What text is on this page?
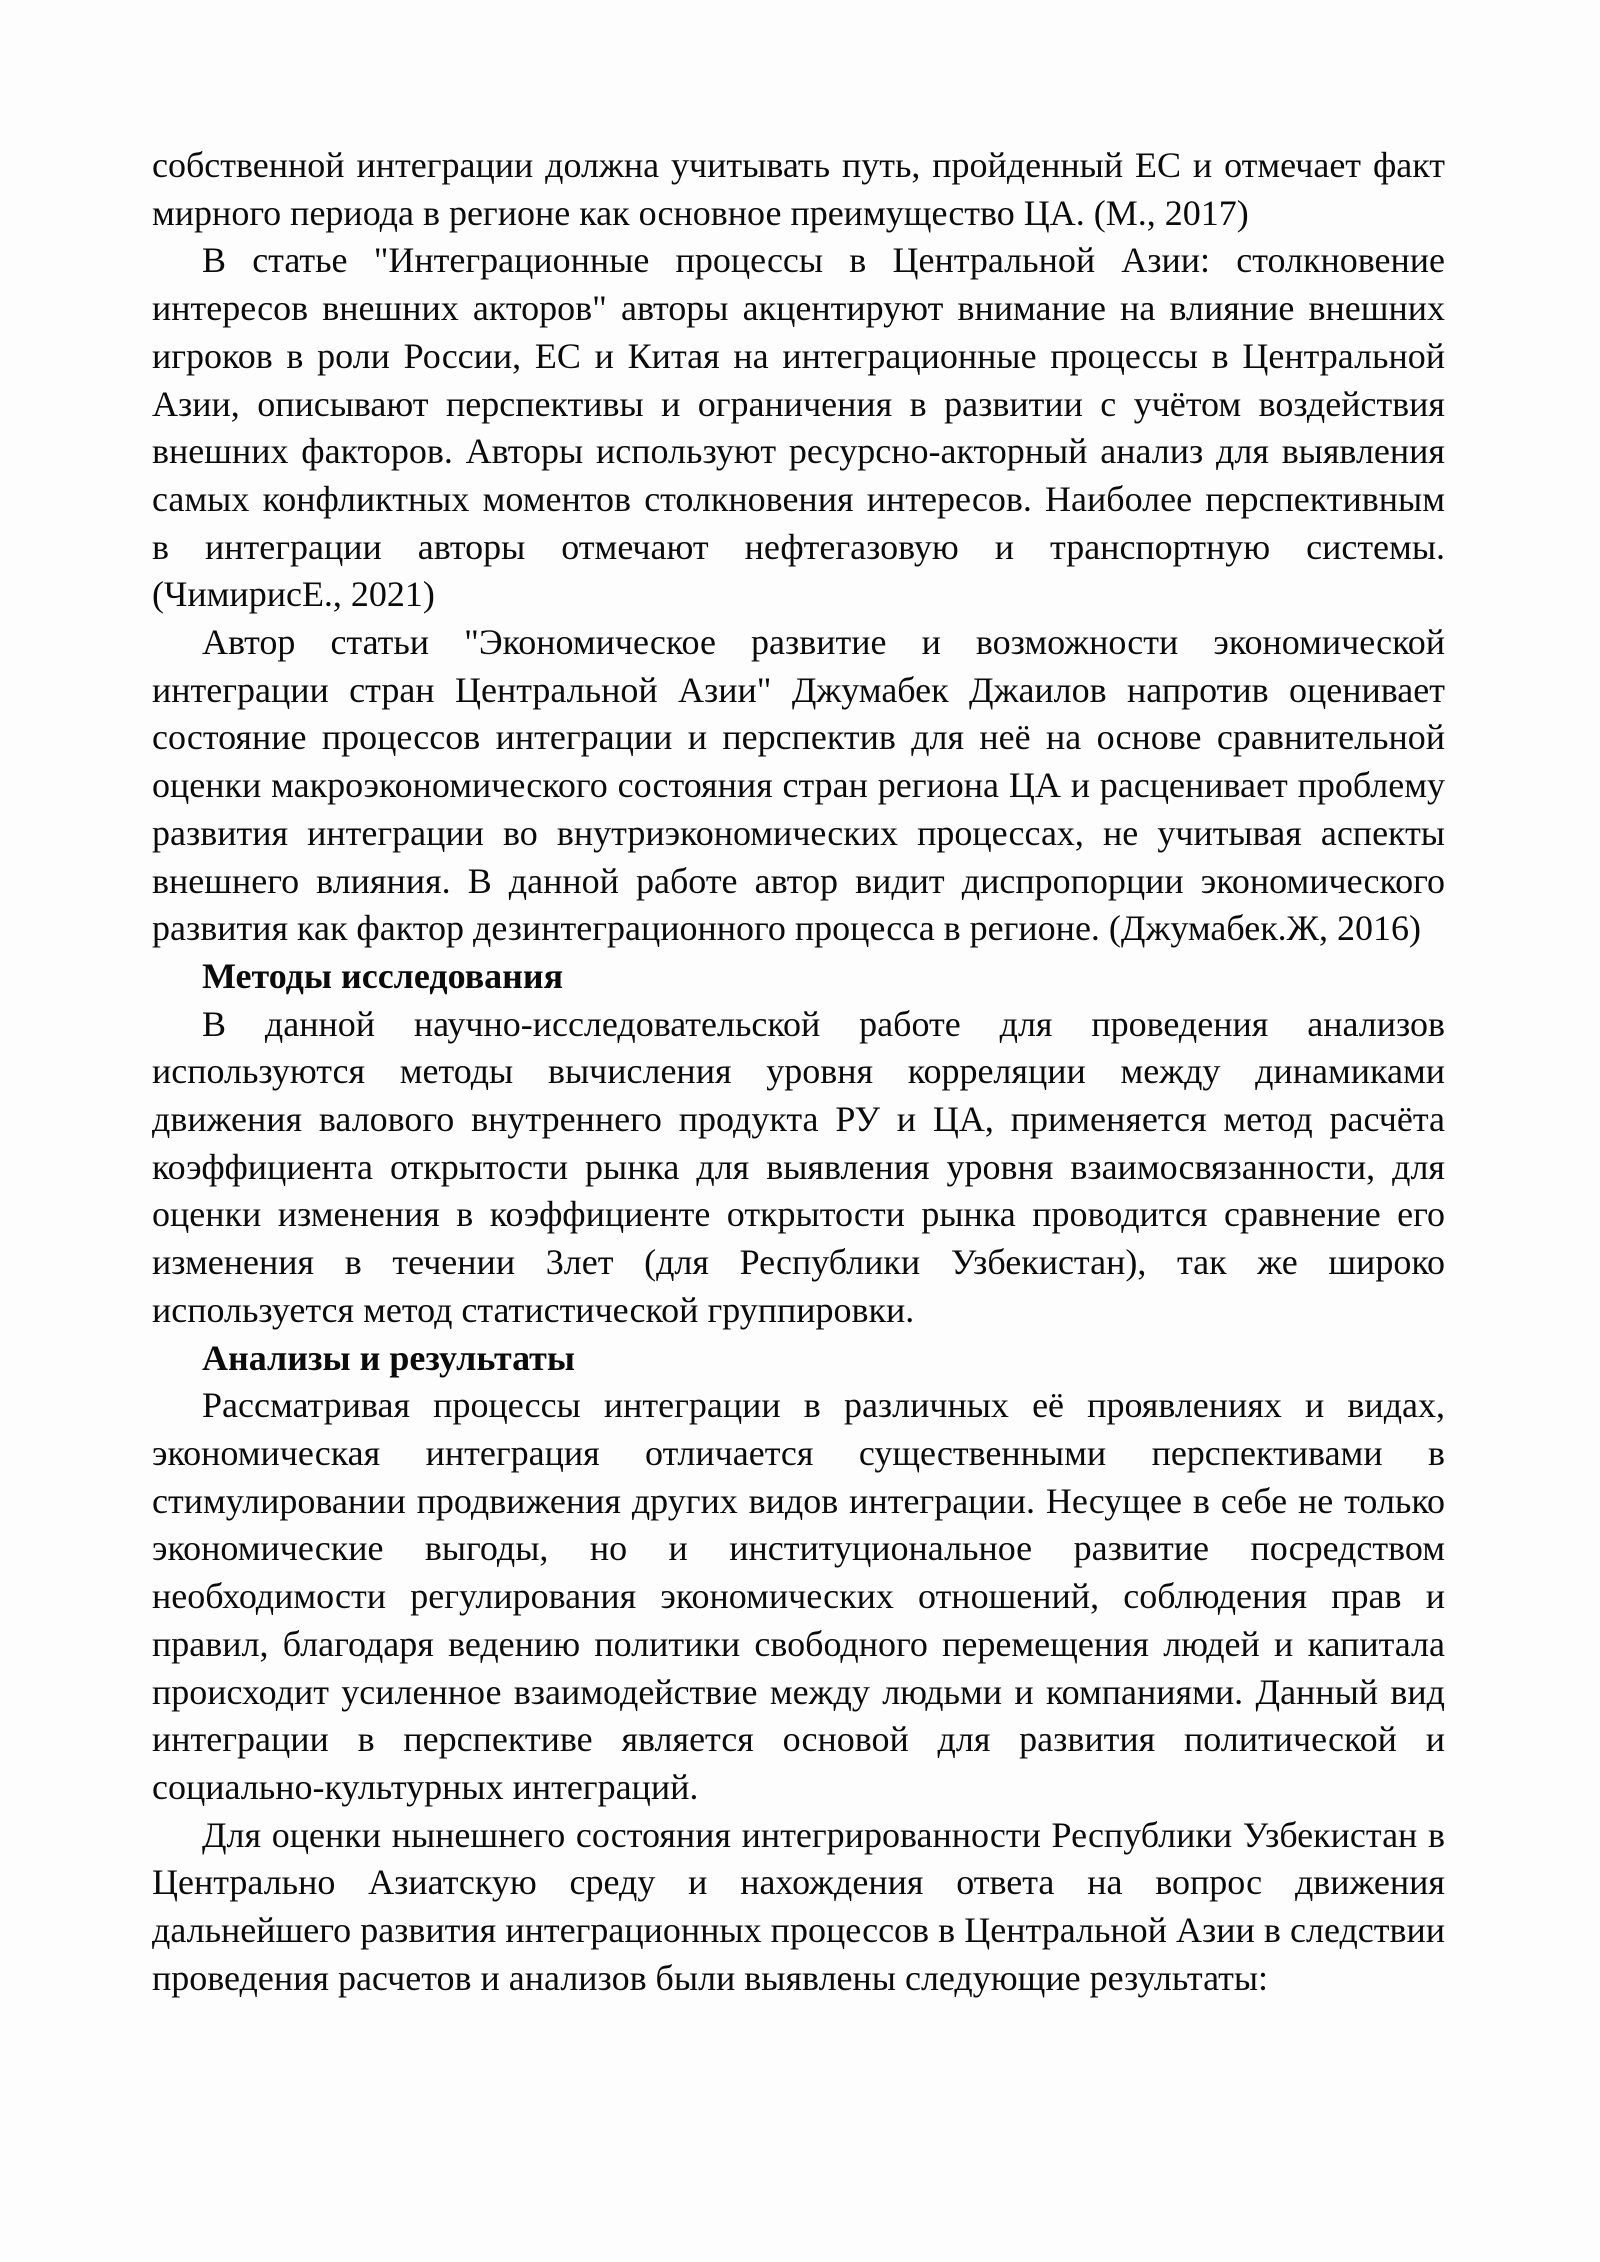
собственной интеграции должна учитывать путь, пройденный ЕС и отмечает факт мирного периода в регионе как основное преимущество ЦА. (М., 2017)

В статье "Интеграционные процессы в Центральной Азии: столкновение интересов внешних акторов" авторы акцентируют внимание на влияние внешних игроков в роли России, ЕС и Китая на интеграционные процессы в Центральной Азии, описывают перспективы и ограничения в развитии с учётом воздействия внешних факторов. Авторы используют ресурсно-акторный анализ для выявления самых конфликтных моментов столкновения интересов. Наиболее перспективным в интеграции авторы отмечают нефтегазовую и транспортную системы. (ЧимирисЕ., 2021)

Автор статьи "Экономическое развитие и возможности экономической интеграции стран Центральной Азии" Джумабек Джаилов напротив оценивает состояние процессов интеграции и перспектив для неё на основе сравнительной оценки макроэкономического состояния стран региона ЦА и расценивает проблему развития интеграции во внутриэкономических процессах, не учитывая аспекты внешнего влияния. В данной работе автор видит диспропорции экономического развития как фактор дезинтеграционного процесса в регионе. (Джумабек.Ж, 2016)

Методы исследования

В данной научно-исследовательской работе для проведения анализов используются методы вычисления уровня корреляции между динамиками движения валового внутреннего продукта РУ и ЦА, применяется метод расчёта коэффициента открытости рынка для выявления уровня взаимосвязанности, для оценки изменения в коэффициенте открытости рынка проводится сравнение его изменения в течении 3лет (для Республики Узбекистан), так же широко используется метод статистической группировки.

Анализы и результаты

Рассматривая процессы интеграции в различных её проявлениях и видах, экономическая интеграция отличается существенными перспективами в стимулировании продвижения других видов интеграции. Несущее в себе не только экономические выгоды, но и институциональное развитие посредством необходимости регулирования экономических отношений, соблюдения прав и правил, благодаря ведению политики свободного перемещения людей и капитала происходит усиленное взаимодействие между людьми и компаниями. Данный вид интеграции в перспективе является основой для развития политической и социально-культурных интеграций.

Для оценки нынешнего состояния интегрированности Республики Узбекистан в Центрально Азиатскую среду и нахождения ответа на вопрос движения дальнейшего развития интеграционных процессов в Центральной Азии в следствии проведения расчетов и анализов были выявлены следующие результаты:
